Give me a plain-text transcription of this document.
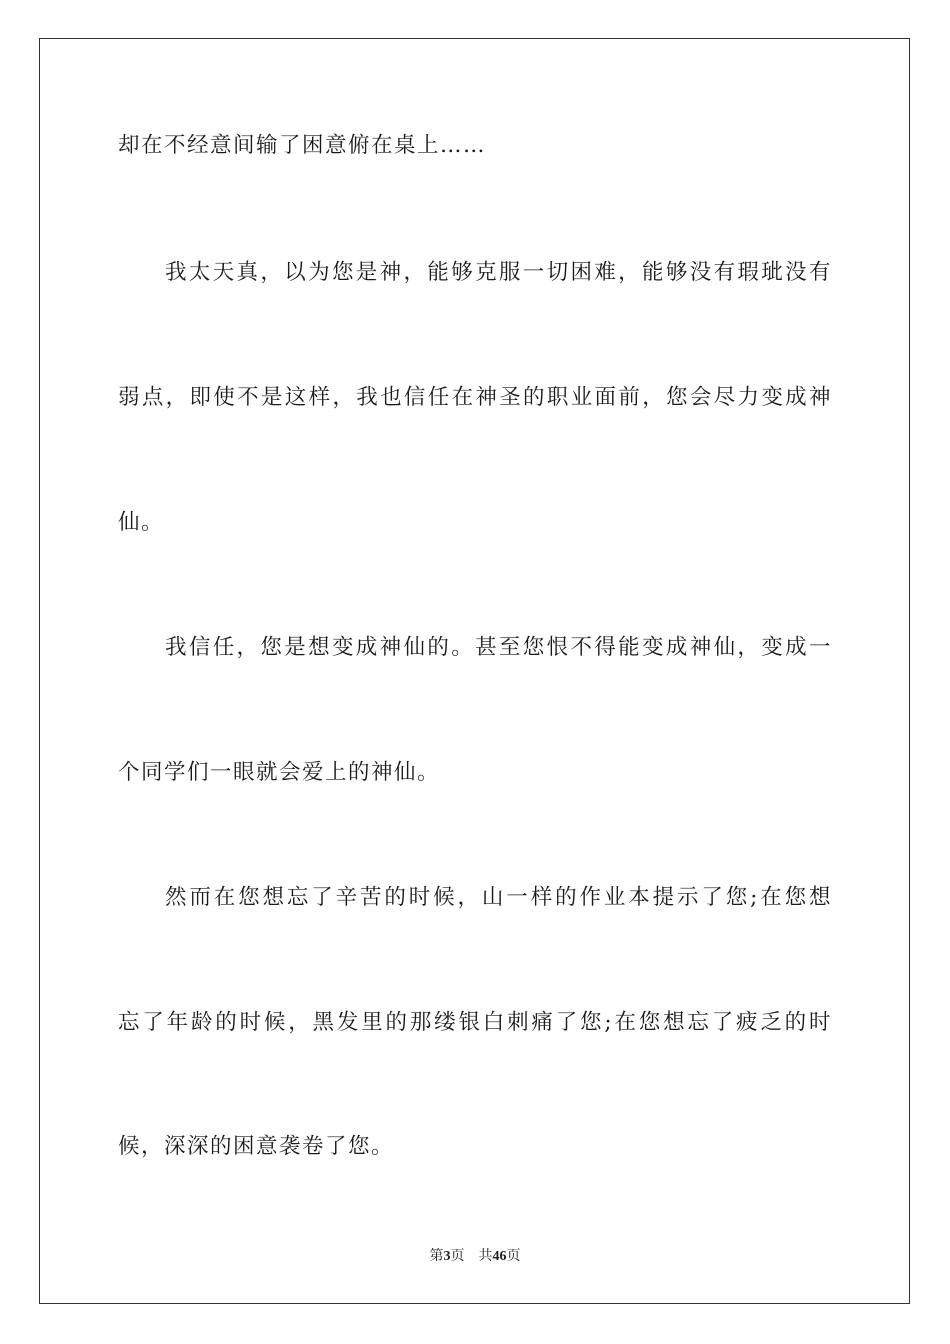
却在不经意间输了困意俯在桌上……
我太天真，以为您是神，能够克服一切困难，能够没有瑕玼没有
弱点，即使不是这样，我也信任在神圣的职业面前，您会尽力变成神
仙。
我信任，您是想变成神仙的。甚至您恨不得能变成神仙，变成一
个同学们一眼就会爱上的神仙。
然而在您想忘了辛苦的时候，山一样的作业本提示了您;在您想
忘了年龄的时候，黑发里的那缕银白刺痛了您;在您想忘了疲乏的时
候，深深的困意袭卷了您。
第3页 共46页
